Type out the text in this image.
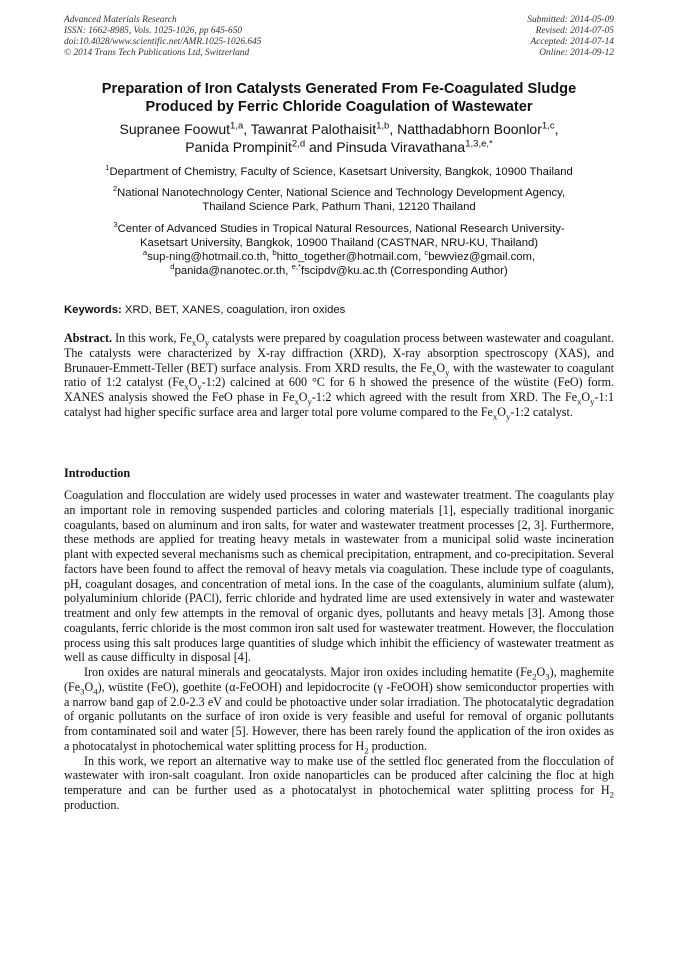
Advanced Materials Research
ISSN: 1662-8985, Vols. 1025-1026, pp 645-650
doi:10.4028/www.scientific.net/AMR.1025-1026.645
© 2014 Trans Tech Publications Ltd, Switzerland
Submitted: 2014-05-09
Revised: 2014-07-05
Accepted: 2014-07-14
Online: 2014-09-12
Preparation of Iron Catalysts Generated From Fe-Coagulated Sludge
Produced by Ferric Chloride Coagulation of Wastewater
Supranee Foowut$^{1,a}$, Tawanrat Palothaisit$^{1,b}$, Natthadabhorn Boonlor$^{1,c}$,
Panida Prompinit$^{2,d}$ and Pinsuda Viravathana$^{1,3,e,*}$
$^1$Department of Chemistry, Faculty of Science, Kasetsart University, Bangkok, 10900 Thailand
$^2$National Nanotechnology Center, National Science and Technology Development Agency,
Thailand Science Park, Pathum Thani, 12120 Thailand
$^3$Center of Advanced Studies in Tropical Natural Resources, National Research University-
Kasetsart University, Bangkok, 10900 Thailand (CASTNAR, NRU-KU, Thailand)
$^a$sup-ning@hotmail.co.th, $^b$hitto_together@hotmail.com, $^c$bewviez@gmail.com,
$^d$panida@nanotec.or.th, $^{e,*}$fscipdv@ku.ac.th (Corresponding Author)
Keywords: XRD, BET, XANES, coagulation, iron oxides
Abstract. In this work, $Fe_xO_y$ catalysts were prepared by coagulation process between wastewater and coagulant. The catalysts were characterized by X-ray diffraction (XRD), X-ray absorption spectroscopy (XAS), and Brunauer-Emmett-Teller (BET) surface analysis. From XRD results, the $Fe_xO_y$ with the wastewater to coagulant ratio of 1:2 catalyst $(Fe_xO_y-1:2)$ calcined at 600 °C for 6 h showed the presence of the wüstite (FeO) form. XANES analysis showed the FeO phase in $Fe_xO_y-1:2$ which agreed with the result from XRD. The $Fe_xO_y-1:1$ catalyst had higher specific surface area and larger total pore volume compared to the $Fe_xO_y-1:2$ catalyst.
Introduction

Coagulation and flocculation are widely used processes in water and wastewater treatment. The coagulants play an important role in removing suspended particles and coloring materials [1], especially traditional inorganic coagulants, based on aluminum and iron salts, for water and wastewater treatment processes [2, 3]. Furthermore, these methods are applied for treating heavy metals in wastewater from a municipal solid waste incineration plant with expected several mechanisms such as chemical precipitation, entrapment, and co-precipitation. Several factors have been found to affect the removal of heavy metals via coagulation. These include type of coagulants, pH, coagulant dosages, and concentration of metal ions. In the case of the coagulants, aluminium sulfate (alum), polyaluminium chloride (PACl), ferric chloride and hydrated lime are used extensively in water and wastewater treatment and only few attempts in the removal of organic dyes, pollutants and heavy metals [3]. Among those coagulants, ferric chloride is the most common iron salt used for wastewater treatment. However, the flocculation process using this salt produces large quantities of sludge which inhibit the efficiency of wastewater treatment as well as cause difficulty in disposal [4].

Iron oxides are natural minerals and geocatalysts. Major iron oxides including hematite $(Fe_2O_3)$, maghemite $(Fe_3O_4)$, wüstite (FeO), goethite (α-FeOOH) and lepidocrocite (γ -FeOOH) show semiconductor properties with a narrow band gap of 2.0-2.3 eV and could be photoactive under solar irradiation. The photocatalytic degradation of organic pollutants on the surface of iron oxide is very feasible and useful for removal of organic pollutants from contaminated soil and water [5]. However, there has been rarely found the application of the iron oxides as a photocatalyst in photochemical water splitting process for $H_2$ production.

In this work, we report an alternative way to make use of the settled floc generated from the flocculation of wastewater with iron-salt coagulant. Iron oxide nanoparticles can be produced after calcining the floc at high temperature and can be further used as a photocatalyst in photochemical water splitting process for $H_2$ production.
